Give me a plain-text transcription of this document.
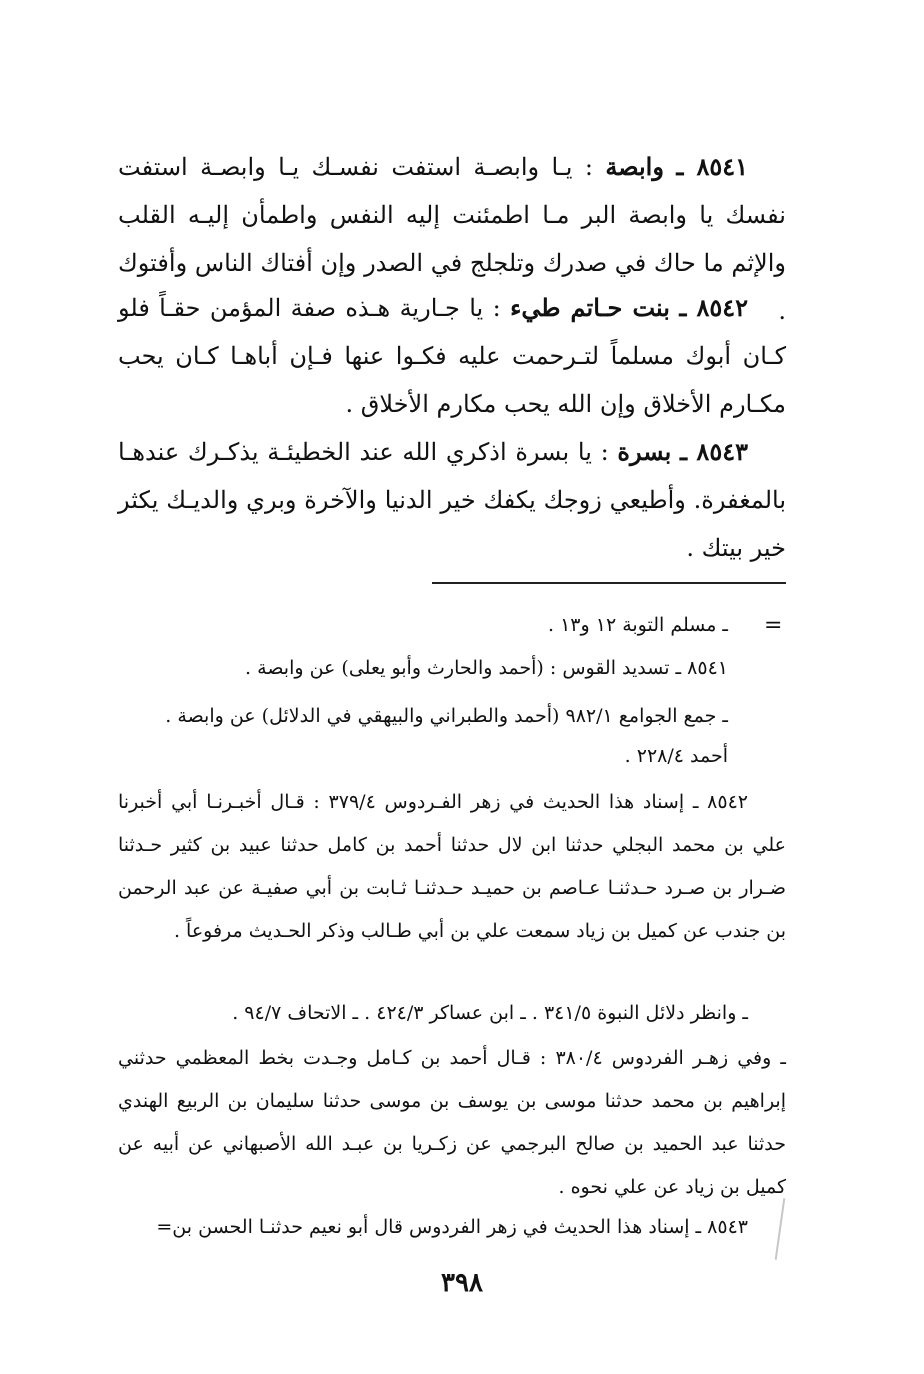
٨٥٤١ ـ وابصة : يـا وابصـة استفت نفسـك يـا وابصـة استفت نفسك يا وابصة البر مـا اطمئنت إليه النفس واطمأن إليـه القلب والإثم ما حاك في صدرك وتلجلج في الصدر وإن أفتاك الناس وأفتوك .
٨٥٤٢ ـ بنت حـاتم طيء : يا جـارية هـذه صفة المؤمن حقـاً فلو كـان أبوك مسلماً لتـرحمت عليه فكـوا عنها فـإن أباهـا كـان يحب مكـارم الأخلاق وإن الله يحب مكارم الأخلاق .
٨٥٤٣ ـ بسرة : يا بسرة اذكري الله عند الخطيئـة يذكـرك عندهـا بالمغفرة. وأطيعي زوجك يكفك خير الدنيا والآخرة وبري والديـك يكثر خير بيتك .
=
ـ مسلم التوبة ١٢ و١٣ .
٨٥٤١ ـ تسديد القوس : (أحمد والحارث وأبو يعلى) عن وابصة .
ـ جمع الجوامع ٩٨٢/١ (أحمد والطبراني والبيهقي في الدلائل) عن وابصة .
أحمد ٢٢٨/٤ .
٨٥٤٢ ـ إسناد هذا الحديث في زهر الفـردوس ٣٧٩/٤ : قـال أخبـرنـا أبي أخبرنا علي بن محمد البجلي حدثنا ابن لال حدثنا أحمد بن كامل حدثنا عبيد بن كثير حـدثنا ضـرار بن صـرد حـدثنـا عـاصم بن حميـد حـدثنـا ثـابت بن أبي صفيـة عن عبد الرحمن بن جندب عن كميل بن زياد سمعت علي بن أبي طـالب وذكر الحـديث مرفوعاً .
ـ وانظر دلائل النبوة ٣٤١/٥ . ـ ابن عساكر ٤٢٤/٣ . ـ الاتحاف ٩٤/٧ .
ـ وفي زهـر الفردوس ٣٨٠/٤ : قـال أحمد بن كـامل وجـدت بخط المعظمي حدثني إبراهيم بن محمد حدثنا موسى بن يوسف بن موسى حدثنا سليمان بن الربيع الهندي حدثنا عبد الحميد بن صالح البرجمي عن زكـريا بن عبـد الله الأصبهاني عن أبيه عن كميل بن زياد عن علي نحوه .
٨٥٤٣ ـ إسناد هذا الحديث في زهر الفردوس قال أبو نعيم حدثنـا الحسن بن=
٣٩٨
